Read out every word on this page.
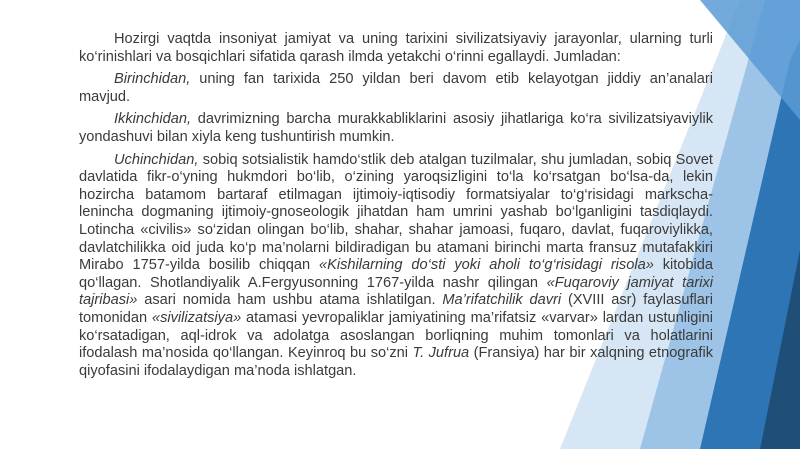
Hozirgi vaqtda insoniyat jamiyat va uning tarixini sivilizatsiyaviy jarayonlar, ularning turli ko‘rinishlari va bosqichlari sifatida qarash ilmda yetakchi o‘rinni egallaydi. Jumladan:

Birinchidan, uning fan tarixida 250 yildan beri davom etib kelayotgan jiddiy an’analari mavjud.

Ikkinchidan, davrimizning barcha murakkabliklarini asosiy jihatlariga ko‘ra sivilizatsiyaviylik yondashuvi bilan xiyla keng tushuntirish mumkin.

Uchinchidan, sobiq sotsialistik hamdo‘stlik deb atalgan tuzilmalar, shu jumladan, sobiq Sovet davlatida fikr-o‘yning hukmdori bo‘lib, o‘zining yaroqsizligini to‘la ko‘rsatgan bo‘lsa-da, lekin hozircha batamom bartaraf etilmagan ijtimoiy-iqtisodiy formatsiyalar to‘g‘risidagi markscha-lenincha dogmaning ijtimoiy-gnoseologik jihatdan ham umrini yashab bo‘lganligini tasdiqlaydi. Lotincha «civilis» so‘zidan olingan bo‘lib, shahar, shahar jamoasi, fuqaro, davlat, fuqaroviylikka, davlatchilikka oid juda ko‘p ma’nolarni bildiradigan bu atamani birinchi marta fransuz mutafakkiri Mirabo 1757-yilda bosilib chiqqan «Kishilarning do‘sti yoki aholi to‘g‘risidagi risola» kitobida qo‘llagan. Shotlandiyalik A.Fergyusonning 1767-yilda nashr qilingan «Fuqaroviy jamiyat tarixi tajribasi» asari nomida ham ushbu atama ishlatilgan. Ma’rifatchilik davri (XVIII asr) faylasuflari tomonidan «sivilizatsiya» atamasi yevropaliklar jamiyatining ma’rifatsiz «varvar» lardan ustunligini ko‘rsatadigan, aql-idrok va adolatga asoslangan borliqning muhim tomonlari va holatlarini ifodalash ma’nosida qo‘llangan. Keyinroq bu so‘zni T. Jufrua (Fransiya) har bir xalqning etnografik qiyofasini ifodalaydigan ma’noda ishlatgan.
